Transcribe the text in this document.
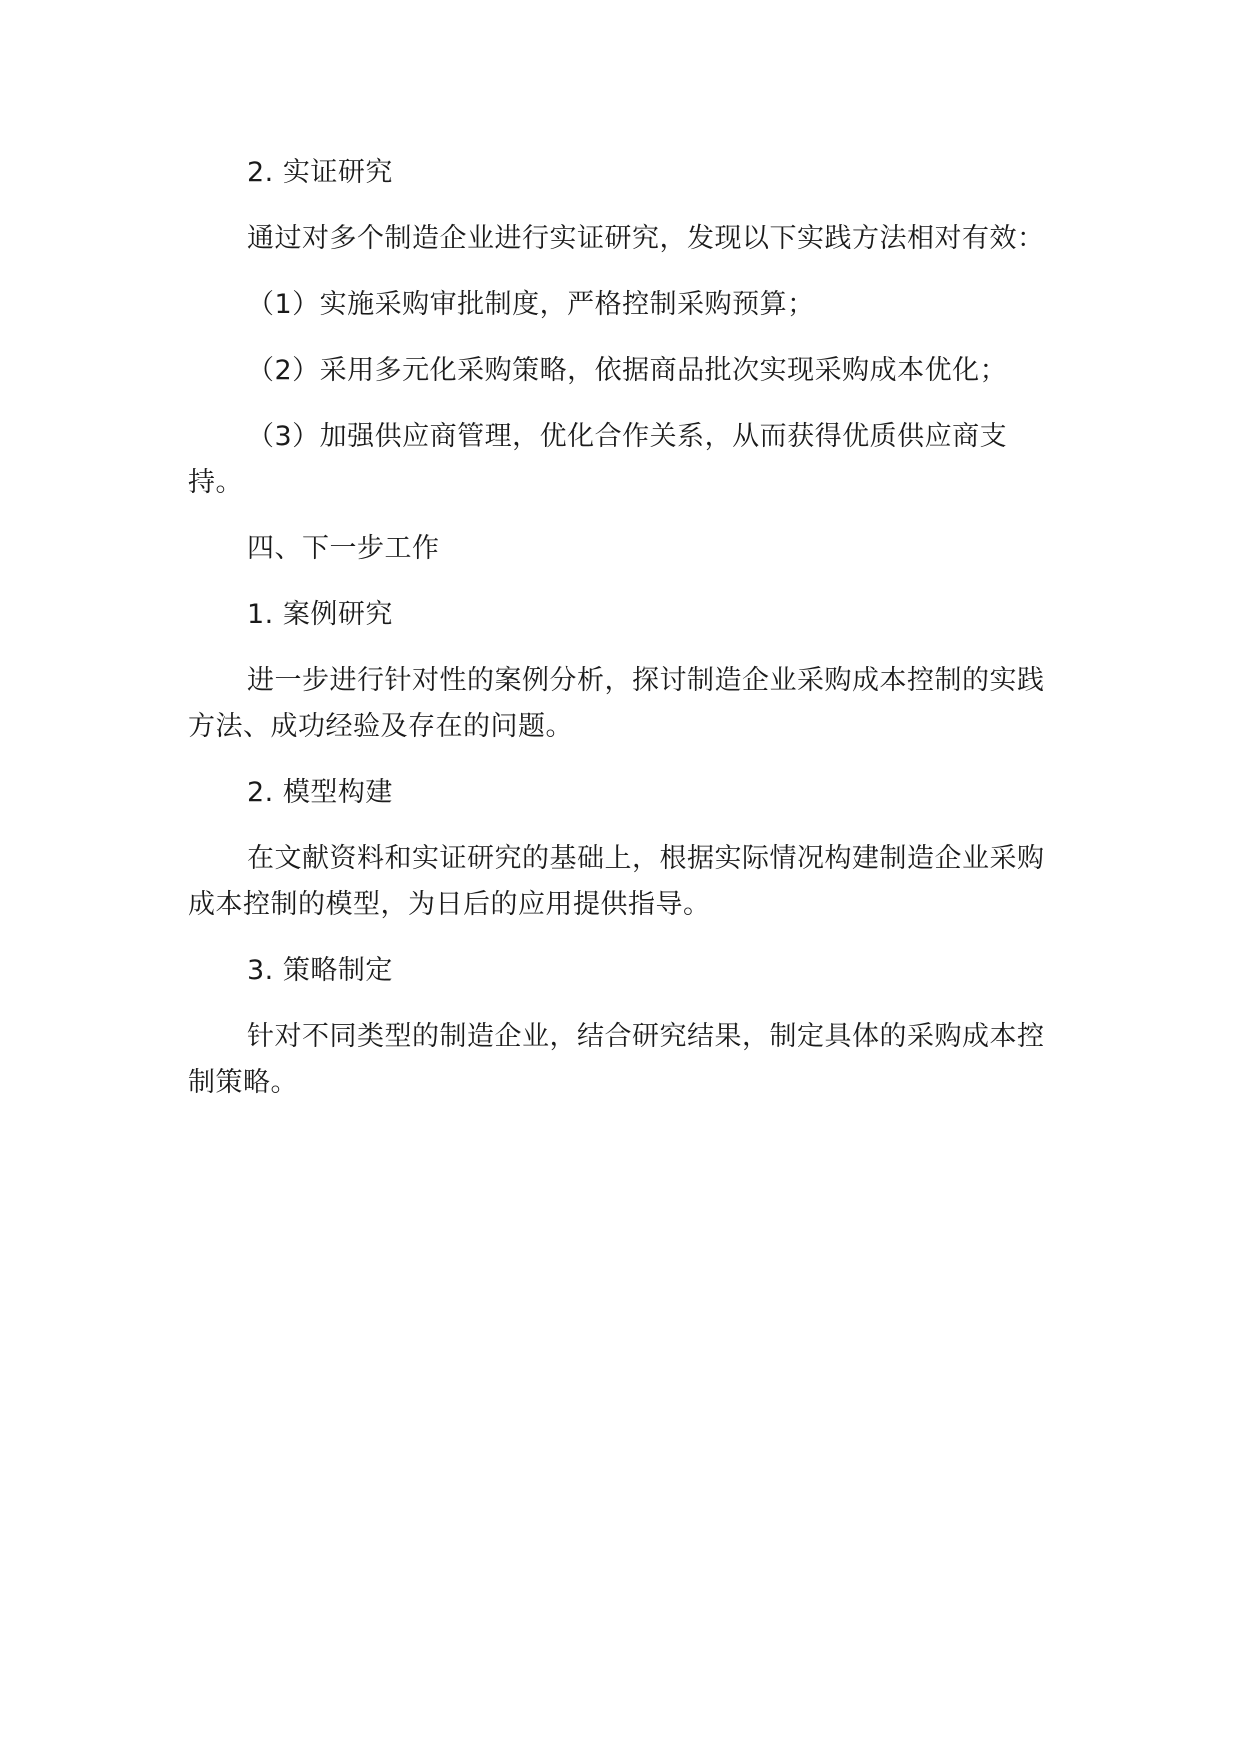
2. 实证研究

通过对多个制造企业进行实证研究，发现以下实践方法相对有效：

（1）实施采购审批制度，严格控制采购预算；

（2）采用多元化采购策略，依据商品批次实现采购成本优化；

（3）加强供应商管理，优化合作关系，从而获得优质供应商支持。

四、下一步工作

1. 案例研究

进一步进行针对性的案例分析，探讨制造企业采购成本控制的实践方法、成功经验及存在的问题。

2. 模型构建

在文献资料和实证研究的基础上，根据实际情况构建制造企业采购成本控制的模型，为日后的应用提供指导。

3. 策略制定

针对不同类型的制造企业，结合研究结果，制定具体的采购成本控制策略。
